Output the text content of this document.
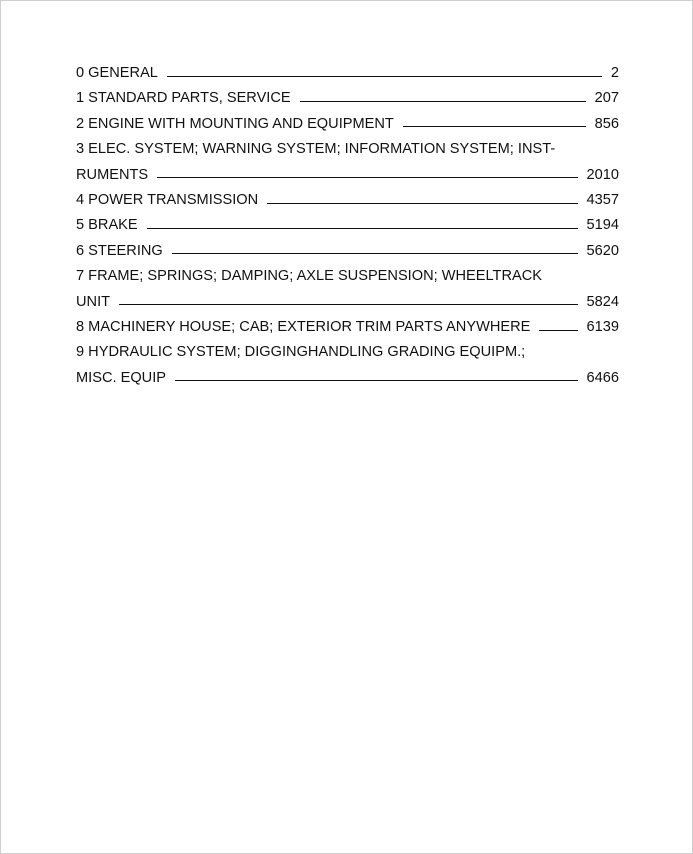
0 GENERAL	2
1 STANDARD PARTS, SERVICE	207
2 ENGINE WITH MOUNTING AND EQUIPMENT	856
3 ELEC. SYSTEM; WARNING SYSTEM; INFORMATION SYSTEM; INST-
RUMENTS	2010
4 POWER TRANSMISSION	4357
5 BRAKE	5194
6 STEERING	5620
7 FRAME; SPRINGS; DAMPING; AXLE SUSPENSION; WHEELTRACK
UNIT	5824
8 MACHINERY HOUSE; CAB; EXTERIOR TRIM PARTS ANYWHERE	6139
9 HYDRAULIC SYSTEM; DIGGINGHANDLING GRADING EQUIPM.;
MISC. EQUIP	6466
